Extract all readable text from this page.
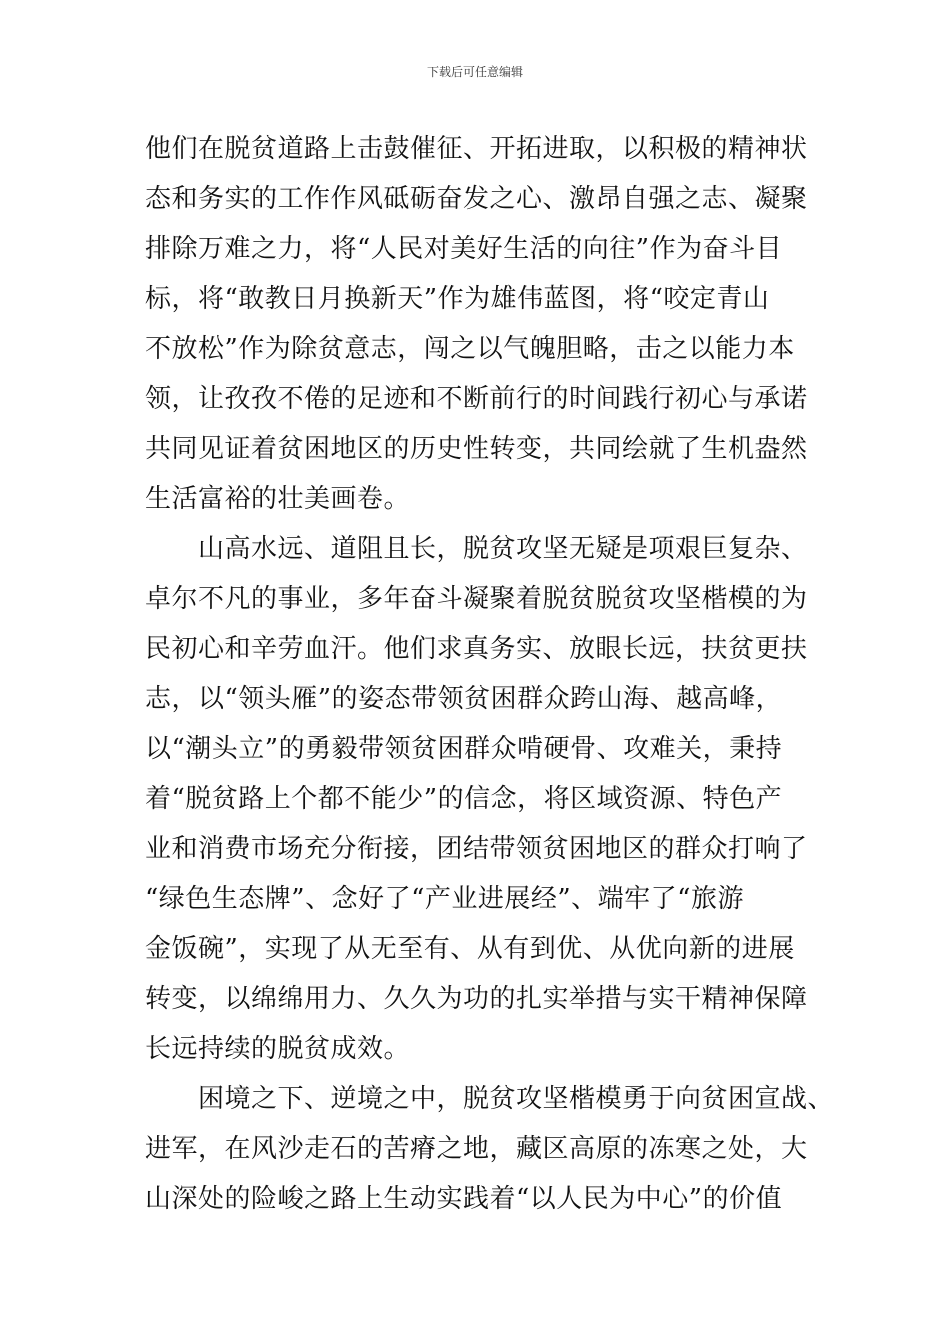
下载后可任意编辑
他们在脱贫道路上击鼓催征、开拓进取，以积极的精神状
态和务实的工作作风砥砺奋发之心、激昂自强之志、凝聚
排除万难之力，将“人民对美好生活的向往”作为奋斗目
标，将“敢教日月换新天”作为雄伟蓝图，将“咬定青山
不放松”作为除贫意志，闯之以气魄胆略，击之以能力本
领，让孜孜不倦的足迹和不断前行的时间践行初心与承诺
共同见证着贫困地区的历史性转变，共同绘就了生机盎然
生活富裕的壮美画卷。
　　山高水远、道阻且长，脱贫攻坚无疑是项艰巨复杂、
卓尔不凡的事业，多年奋斗凝聚着脱贫脱贫攻坚楷模的为
民初心和辛劳血汗。他们求真务实、放眼长远，扶贫更扶
志，以“领头雁”的姿态带领贫困群众跨山海、越高峰，
以“潮头立”的勇毅带领贫困群众啃硬骨、攻难关，秉持
着“脱贫路上个都不能少”的信念，将区域资源、特色产
业和消费市场充分衔接，团结带领贫困地区的群众打响了
“绿色生态牌”、念好了“产业进展经”、端牢了“旅游
金饭碗”，实现了从无至有、从有到优、从优向新的进展
转变，以绵绵用力、久久为功的扎实举措与实干精神保障
长远持续的脱贫成效。
　　困境之下、逆境之中，脱贫攻坚楷模勇于向贫困宣战、
进军，在风沙走石的苦瘠之地，藏区高原的冻寒之处，大
山深处的险峻之路上生动实践着“以人民为中心”的价值
